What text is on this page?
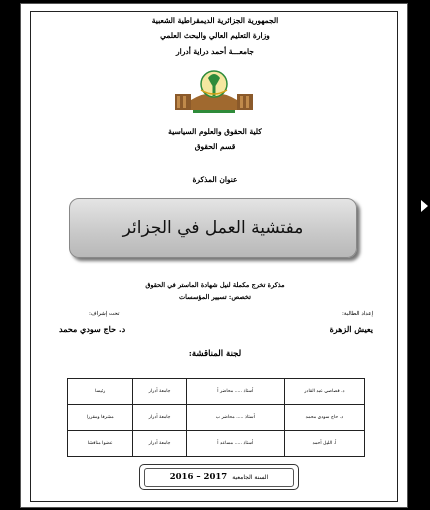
الجمهورية الجزائرية الديمقراطية الشعبية
وزارة التعليم العالي والبحث العلمي
جامعـــة أحمد دراية أدرار
كلية الحقوق والعلوم السياسية
قسم الحقوق
عنوان المذكرة
مفتشية العمل في الجزائر
مذكرة تخرج مكملة لنيل شهادة الماستر في الحقوق
تخصص: تسيير المؤسسات
إعداد الطالبة:
يعيش الزهرة
تحت إشراف:
د. حاج سودي محمد
لجنة المناقشة:
د. قصاصي عبد القادر	أستاذ ..... محاضر أ	جامعة أدرار	رئيسا
د. حاج سودي محمد	أستاذ ..... محاضر ب	جامعة أدرار	مشرفا ومقررا
أ. الليل أحمد	أستاذ ..... مساعد أ	جامعة أدرار	عضوا مناقشا
السنة الجامعية
2016 – 2017
